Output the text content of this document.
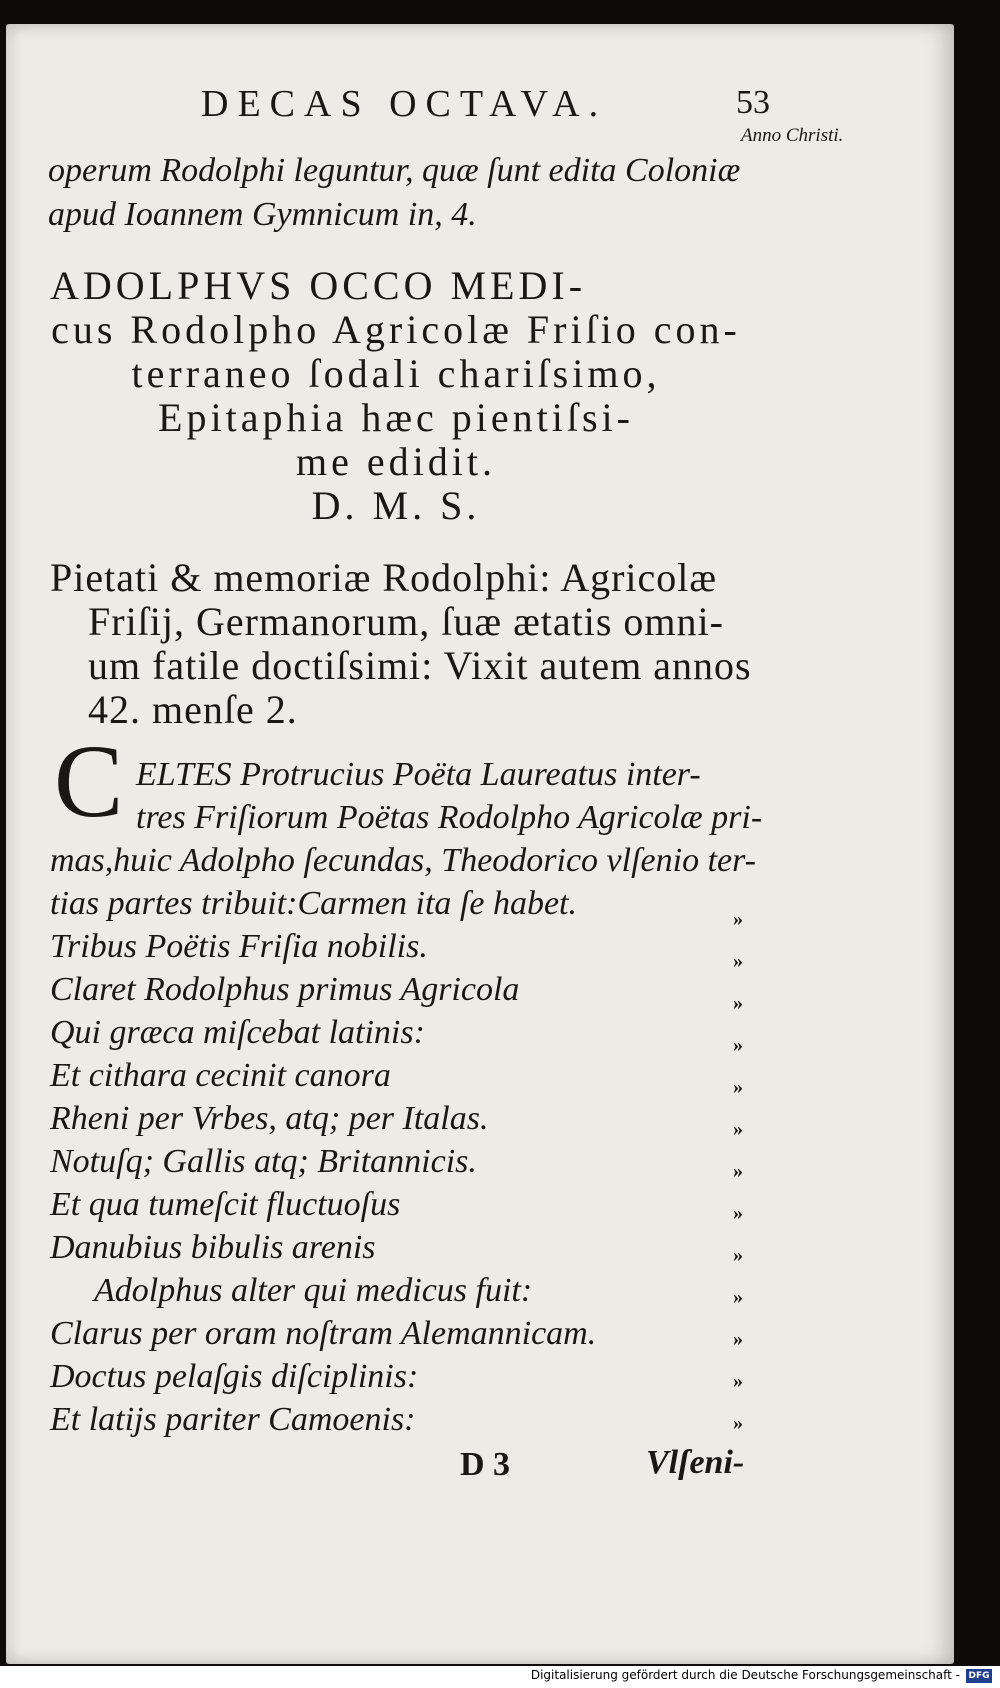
DECAS OCTAVA.	53
Anno Christi.
operum Rodolphi leguntur, quæ ſunt edita Coloniæ
apud Ioannem Gymnicum in, 4.
ADOLPHVS OCCO MEDI-
cus Rodolpho Agricolæ Friſio con-
terraneo ſodali chariſsimo,
Epitaphia hæc pientiſsi-
me edidit.
D. M. S.
Pietati & memoriæ Rodolphi: Agricolæ
Friſij, Germanorum, ſuæ ætatis omni-
um fatile doctiſsimi: Vixit autem annos
42. menſe 2.
C ELTES Protrucius Poëta Laureatus inter-
tres Friſiorum Poëtas Rodolpho Agricolæ pri-
mas,huic Adolpho ſecundas, Theodorico vlſenio ter-
tias partes tribuit:Carmen ita ſe habet.
Tribus Poëtis Friſia nobilis.
Claret Rodolphus primus Agricola
Qui græca miſcebat latinis:
Et cithara cecinit canora
Rheni per Vrbes, atq; per Italas.
Notuſq; Gallis atq; Britannicis.
Et qua tumeſcit fluctuoſus
Danubius bibulis arenis
Adolphus alter qui medicus fuit:
Clarus per oram noſtram Alemannicam.
Doctus pelaſgis diſciplinis:
Et latijs pariter Camoenis:
»
»
»
»
»
»
»
»
»
»
»
»
»
D 3	Vlſeni-
Digitalisierung gefördert durch die Deutsche Forschungsgemeinschaft - DFG
